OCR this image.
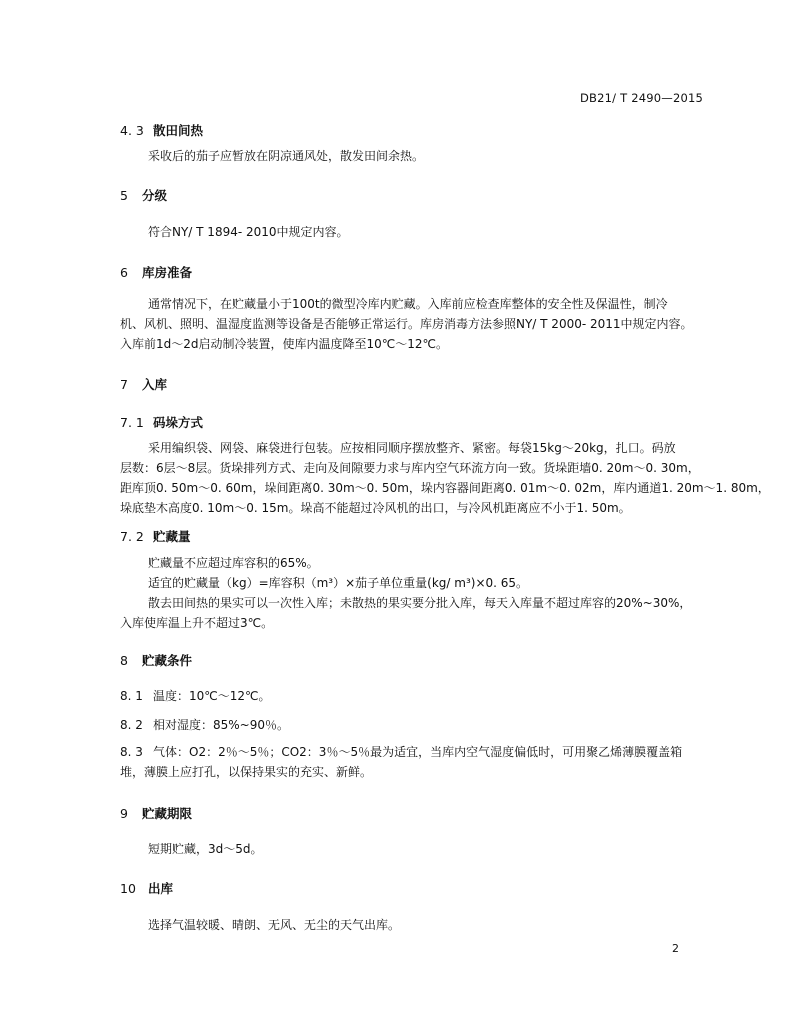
DB21/ T 2490—2015
4. 3 散田间热
采收后的茄子应暂放在阴凉通风处，散发田间余热。
5 分级
符合NY/ T 1894- 2010中规定内容。
6 库房准备
通常情况下，在贮藏量小于100t的微型冷库内贮藏。入库前应检查库整体的安全性及保温性，制冷
机、风机、照明、温湿度监测等设备是否能够正常运行。库房消毒方法参照NY/ T 2000- 2011中规定内容。
入库前1d～2d启动制冷装置，使库内温度降至10℃～12℃。
7 入库
7. 1 码垛方式
采用编织袋、网袋、麻袋进行包装。应按相同顺序摆放整齐、紧密。每袋15kg～20kg，扎口。码放
层数：6层～8层。货垛排列方式、走向及间隙要力求与库内空气环流方向一致。货垛距墙0. 20m～0. 30m，
距库顶0. 50m～0. 60m，垛间距离0. 30m～0. 50m，垛内容器间距离0. 01m～0. 02m，库内通道1. 20m～1. 80m，
垛底垫木高度0. 10m～0. 15m。垛高不能超过冷风机的出口，与冷风机距离应不小于1. 50m。
7. 2 贮藏量
贮藏量不应超过库容积的65%。
适宜的贮藏量（kg）=库容积（m³）×茄子单位重量(kg/ m³)×0. 65。
散去田间热的果实可以一次性入库；未散热的果实要分批入库，每天入库量不超过库容的20%~30%，
入库使库温上升不超过3℃。
8 贮藏条件
8. 1 温度：10℃～12℃。
8. 2 相对湿度：85%~90％。
8. 3 气体：O2：2％～5％；CO2：3％～5％最为适宜，当库内空气湿度偏低时，可用聚乙烯薄膜覆盖箱
堆，薄膜上应打孔，以保持果实的充实、新鲜。
9 贮藏期限
短期贮藏，3d～5d。
10 出库
选择气温较暖、晴朗、无风、无尘的天气出库。
2
